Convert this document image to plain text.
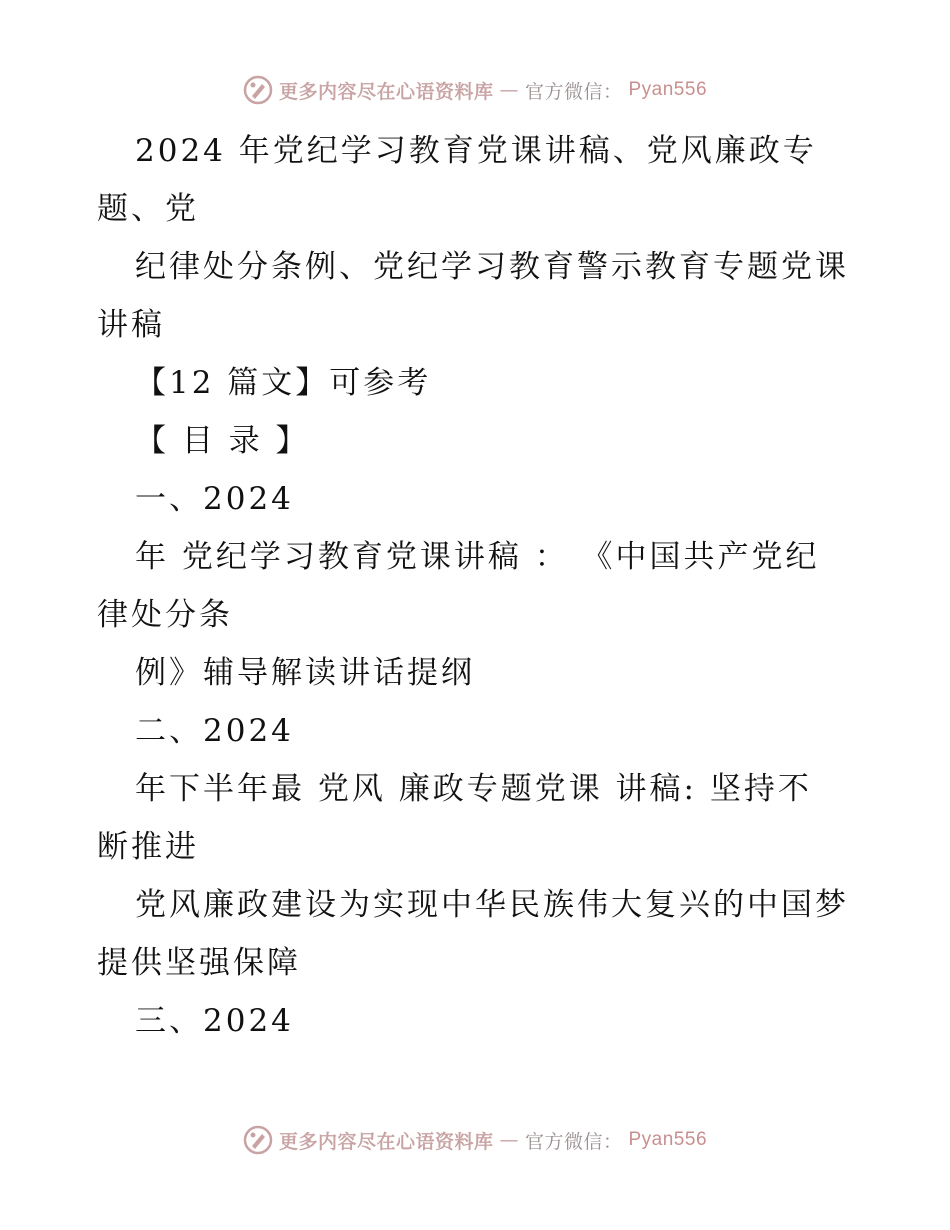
更多内容尽在心语资料库 — 官方微信： Pyan556
2024 年党纪学习教育党课讲稿、党风廉政专
题、党
纪律处分条例、党纪学习教育警示教育专题党课
讲稿
【12 篇文】可参考
【 目 录 】
一、2024
年 党纪学习教育党课讲稿 ： 《中国共产党纪
律处分条
例》辅导解读讲话提纲
二、2024
年下半年最 党风 廉政专题党课 讲稿: 坚持不
断推进
党风廉政建设为实现中华民族伟大复兴的中国梦
提供坚强保障
三、2024
更多内容尽在心语资料库 — 官方微信： Pyan556
